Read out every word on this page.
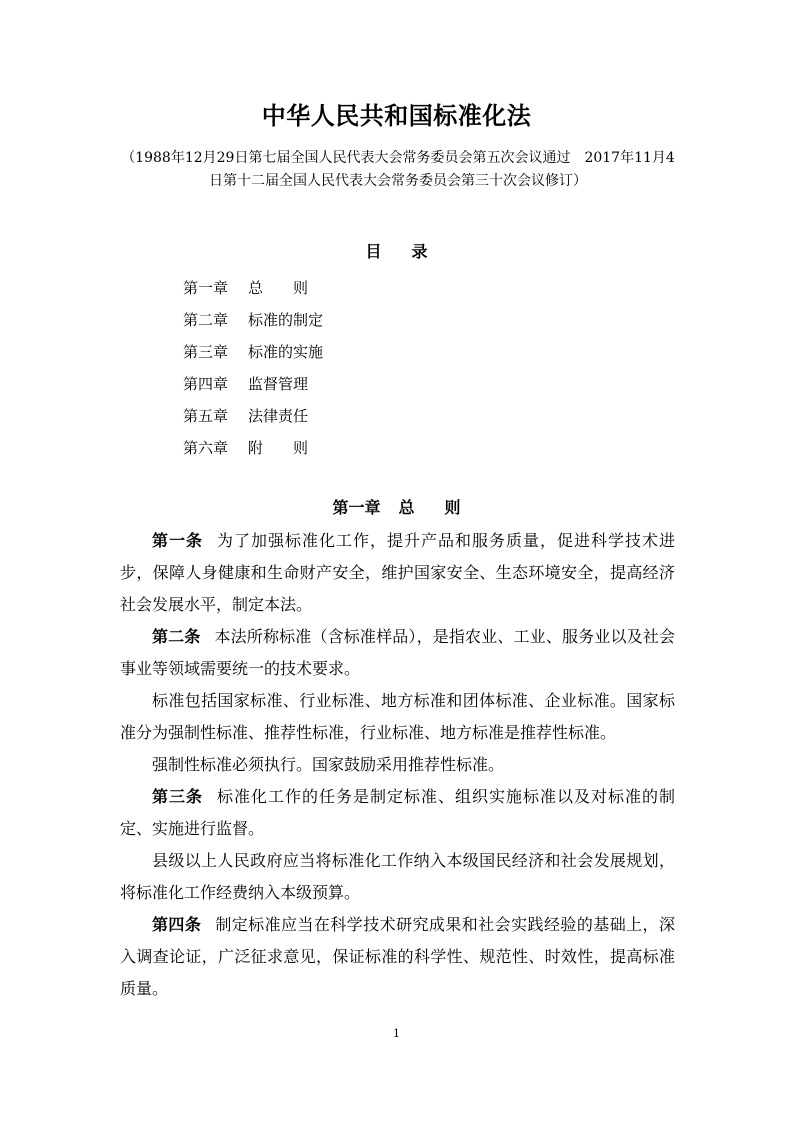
中华人民共和国标准化法
（1988年12月29日第七届全国人民代表大会常务委员会第五次会议通过　2017年11月4日第十二届全国人民代表大会常务委员会第三十次会议修订）
目 录
第一章 总　　则
第二章 标准的制定
第三章 标准的实施
第四章 监督管理
第五章 法律责任
第六章 附　　则
第一章 总 则

第一条 为了加强标准化工作，提升产品和服务质量，促进科学技术进步，保障人身健康和生命财产安全，维护国家安全、生态环境安全，提高经济社会发展水平，制定本法。

第二条 本法所称标准（含标准样品），是指农业、工业、服务业以及社会事业等领域需要统一的技术要求。

标准包括国家标准、行业标准、地方标准和团体标准、企业标准。国家标准分为强制性标准、推荐性标准，行业标准、地方标准是推荐性标准。

强制性标准必须执行。国家鼓励采用推荐性标准。

第三条 标准化工作的任务是制定标准、组织实施标准以及对标准的制定、实施进行监督。

县级以上人民政府应当将标准化工作纳入本级国民经济和社会发展规划，将标准化工作经费纳入本级预算。

第四条 制定标准应当在科学技术研究成果和社会实践经验的基础上，深入调查论证，广泛征求意见，保证标准的科学性、规范性、时效性，提高标准质量。

1
